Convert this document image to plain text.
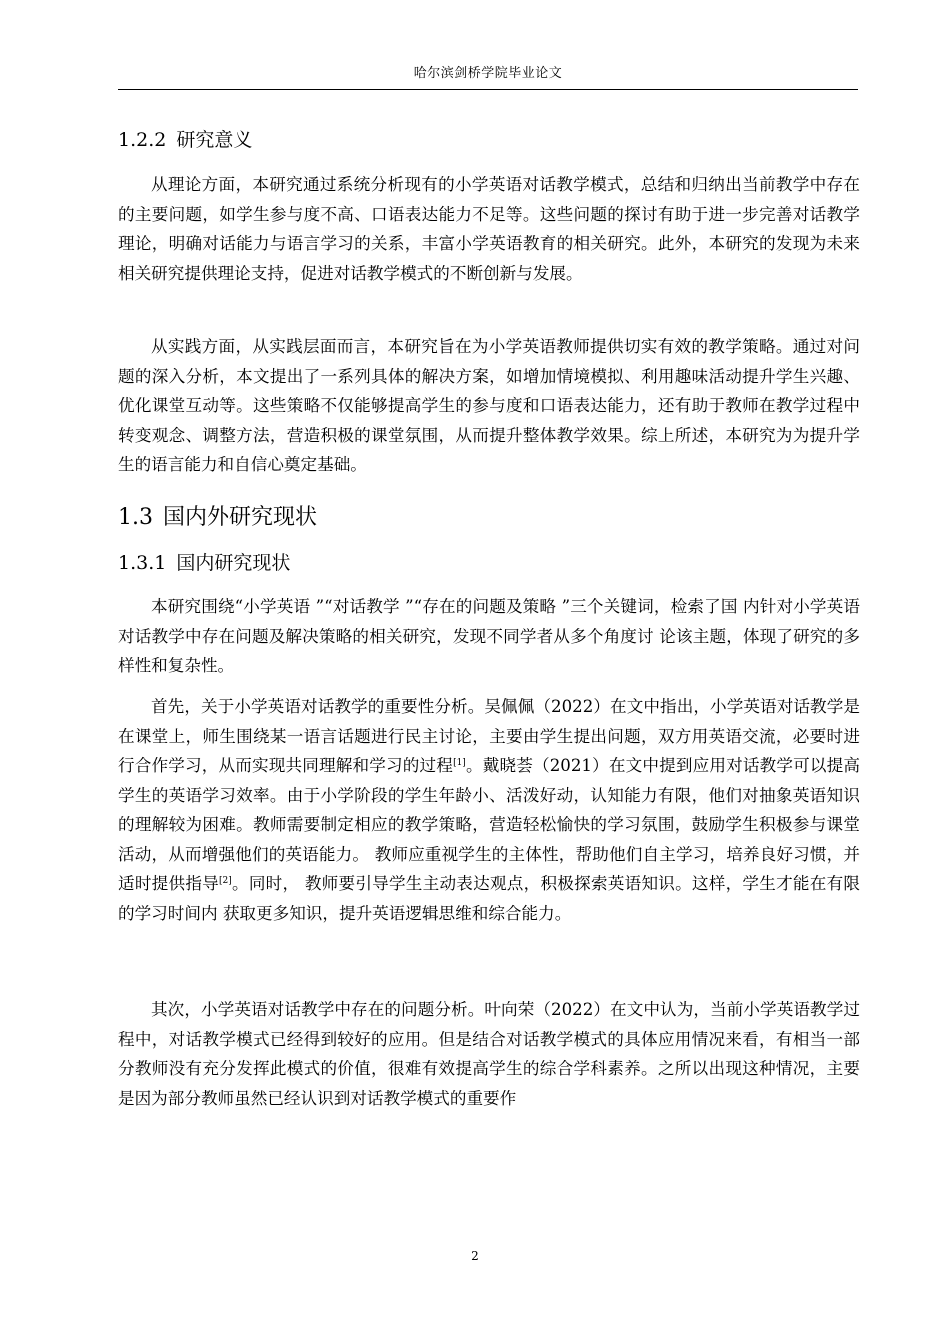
哈尔滨剑桥学院毕业论文
1.2.2 研究意义

从理论方面，本研究通过系统分析现有的小学英语对话教学模式，总结和归纳出当前教学中存在的主要问题，如学生参与度不高、口语表达能力不足等。这些问题的探讨有助于进一步完善对话教学理论，明确对话能力与语言学习的关系，丰富小学英语教育的相关研究。此外，本研究的发现为未来相关研究提供理论支持，促进对话教学模式的不断创新与发展。

从实践方面，从实践层面而言，本研究旨在为小学英语教师提供切实有效的教学策略。通过对问题的深入分析，本文提出了一系列具体的解决方案，如增加情境模拟、利用趣味活动提升学生兴趣、优化课堂互动等。这些策略不仅能够提高学生的参与度和口语表达能力，还有助于教师在教学过程中转变观念、调整方法，营造积极的课堂氛围，从而提升整体教学效果。综上所述，本研究为为提升学生的语言能力和自信心奠定基础。

1.3 国内外研究现状
1.3.1 国内研究现状

本研究围绕“小学英语 ”“对话教学 ”“存在的问题及策略 ”三个关键词，检索了国 内针对小学英语对话教学中存在问题及解决策略的相关研究，发现不同学者从多个角度讨 论该主题，体现了研究的多样性和复杂性。

首先，关于小学英语对话教学的重要性分析。吴佩佩（2022）在文中指出，小学英语对话教学是在课堂上，师生围绕某一语言话题进行民主讨论，主要由学生提出问题，双方用英语交流，必要时进行合作学习，从而实现共同理解和学习的过程[1]。戴晓荟（2021）在文中提到应用对话教学可以提高学生的英语学习效率。由于小学阶段的学生年龄小、活泼好动，认知能力有限，他们对抽象英语知识的理解较为困难。教师需要制定相应的教学策略，营造轻松愉快的学习氛围，鼓励学生积极参与课堂活动，从而增强他们的英语能力。 教师应重视学生的主体性，帮助他们自主学习，培养良好习惯，并适时提供指导[2]。同时， 教师要引导学生主动表达观点，积极探索英语知识。这样，学生才能在有限的学习时间内 获取更多知识，提升英语逻辑思维和综合能力。

其次，小学英语对话教学中存在的问题分析。叶向荣（2022）在文中认为，当前小学英语教学过程中，对话教学模式已经得到较好的应用。但是结合对话教学模式的具体应用情况来看，有相当一部分教师没有充分发挥此模式的价值，很难有效提高学生的综合学科素养。之所以出现这种情况，主要是因为部分教师虽然已经认识到对话教学模式的重要作

2
